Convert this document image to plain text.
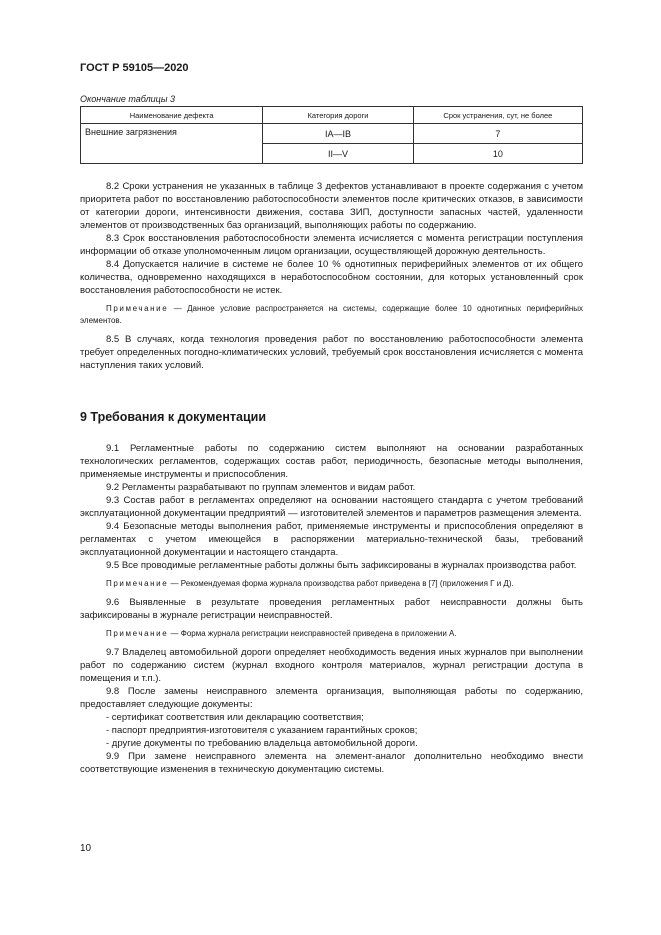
ГОСТ Р 59105—2020
Окончание таблицы 3
Наименование дефекта	Категория дороги	Срок устранения, сут, не более
Внешние загрязнения	IA—IB	7
	II—V	10

8.2 Сроки устранения не указанных в таблице 3 дефектов устанавливают в проекте содержания с учетом приоритета работ по восстановлению работоспособности элементов после критических отказов, в зависимости от категории дороги, интенсивности движения, состава ЗИП, доступности запасных частей, удаленности элементов от производственных баз организаций, выполняющих работы по содержанию.

8.3 Срок восстановления работоспособности элемента исчисляется с момента регистрации поступления информации об отказе уполномоченным лицом организации, осуществляющей дорожную деятельность.

8.4 Допускается наличие в системе не более 10 % однотипных периферийных элементов от их общего количества, одновременно находящихся в неработоспособном состоянии, для которых установленный срок восстановления работоспособности не истек.

Примечание — Данное условие распространяется на системы, содержащие более 10 однотипных периферийных элементов.

8.5 В случаях, когда технология проведения работ по восстановлению работоспособности элемента требует определенных погодно-климатических условий, требуемый срок восстановления исчисляется с момента наступления таких условий.

9 Требования к документации

9.1 Регламентные работы по содержанию систем выполняют на основании разработанных технологических регламентов, содержащих состав работ, периодичность, безопасные методы выполнения, применяемые инструменты и приспособления.

9.2 Регламенты разрабатывают по группам элементов и видам работ.

9.3 Состав работ в регламентах определяют на основании настоящего стандарта с учетом требований эксплуатационной документации предприятий — изготовителей элементов и параметров размещения элемента.

9.4 Безопасные методы выполнения работ, применяемые инструменты и приспособления определяют в регламентах с учетом имеющейся в распоряжении материально-технической базы, требований эксплуатационной документации и настоящего стандарта.

9.5 Все проводимые регламентные работы должны быть зафиксированы в журналах производства работ.

Примечание — Рекомендуемая форма журнала производства работ приведена в [7] (приложения Г и Д).

9.6 Выявленные в результате проведения регламентных работ неисправности должны быть зафиксированы в журнале регистрации неисправностей.

Примечание — Форма журнала регистрации неисправностей приведена в приложении А.

9.7 Владелец автомобильной дороги определяет необходимость ведения иных журналов при выполнении работ по содержанию систем (журнал входного контроля материалов, журнал регистрации доступа в помещения и т.п.).

9.8 После замены неисправного элемента организация, выполняющая работы по содержанию, предоставляет следующие документы:

- сертификат соответствия или декларацию соответствия;

- паспорт предприятия-изготовителя с указанием гарантийных сроков;

- другие документы по требованию владельца автомобильной дороги.

9.9 При замене неисправного элемента на элемент-аналог дополнительно необходимо внести соответствующие изменения в техническую документацию системы.

10
